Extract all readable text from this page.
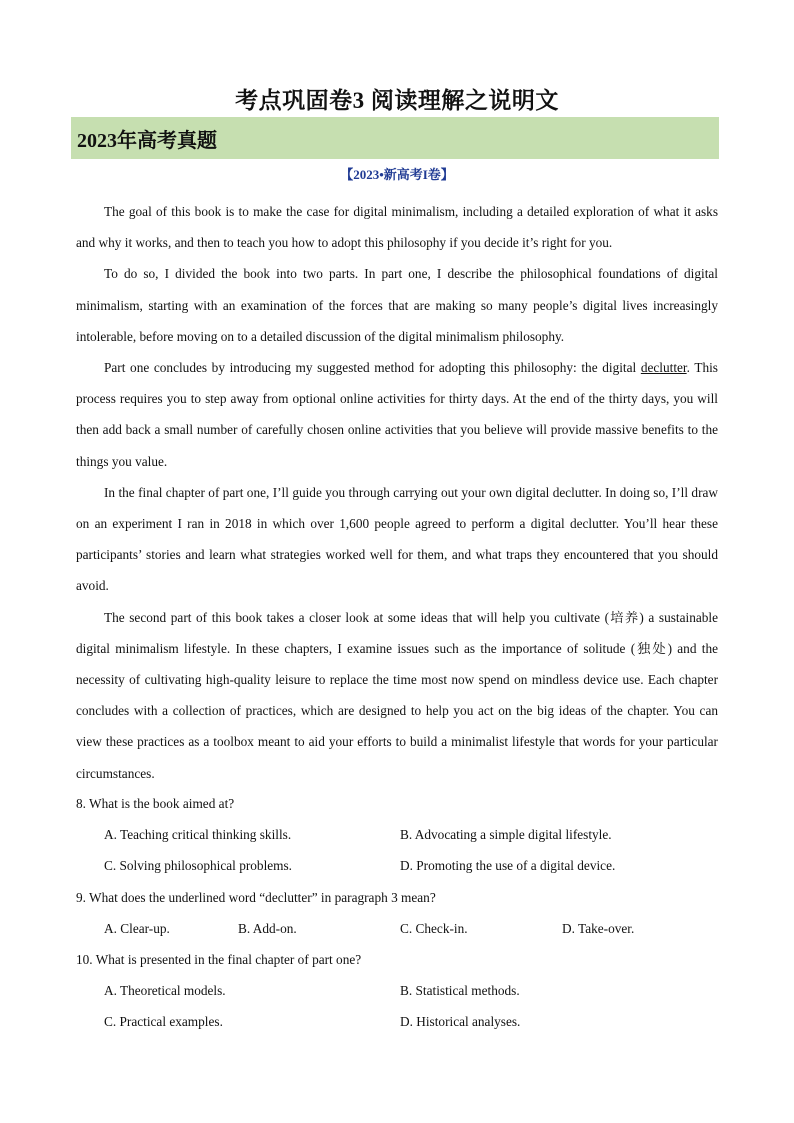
考点巩固卷3 阅读理解之说明文
2023年高考真题
【2023•新高考I卷】

The goal of this book is to make the case for digital minimalism, including a detailed exploration of what it asks and why it works, and then to teach you how to adopt this philosophy if you decide it’s right for you.

To do so, I divided the book into two parts. In part one, I describe the philosophical foundations of digital minimalism, starting with an examination of the forces that are making so many people’s digital lives increasingly intolerable, before moving on to a detailed discussion of the digital minimalism philosophy.

Part one concludes by introducing my suggested method for adopting this philosophy: the digital declutter. This process requires you to step away from optional online activities for thirty days. At the end of the thirty days, you will then add back a small number of carefully chosen online activities that you believe will provide massive benefits to the things you value.

In the final chapter of part one, I’ll guide you through carrying out your own digital declutter. In doing so, I’ll draw on an experiment I ran in 2018 in which over 1,600 people agreed to perform a digital declutter. You’ll hear these participants’ stories and learn what strategies worked well for them, and what traps they encountered that you should avoid.

The second part of this book takes a closer look at some ideas that will help you cultivate (培养) a sustainable digital minimalism lifestyle. In these chapters, I examine issues such as the importance of solitude (独处) and the necessity of cultivating high-quality leisure to replace the time most now spend on mindless device use. Each chapter concludes with a collection of practices, which are designed to help you act on the big ideas of the chapter. You can view these practices as a toolbox meant to aid your efforts to build a minimalist lifestyle that words for your particular circumstances.

8. What is the book aimed at?
A. Teaching critical thinking skills.	B. Advocating a simple digital lifestyle.
C. Solving philosophical problems.	D. Promoting the use of a digital device.
9. What does the underlined word “declutter” in paragraph 3 mean?
A. Clear-up.	B. Add-on.	C. Check-in.	D. Take-over.
10. What is presented in the final chapter of part one?
A. Theoretical models.	B. Statistical methods.
C. Practical examples.	D. Historical analyses.
